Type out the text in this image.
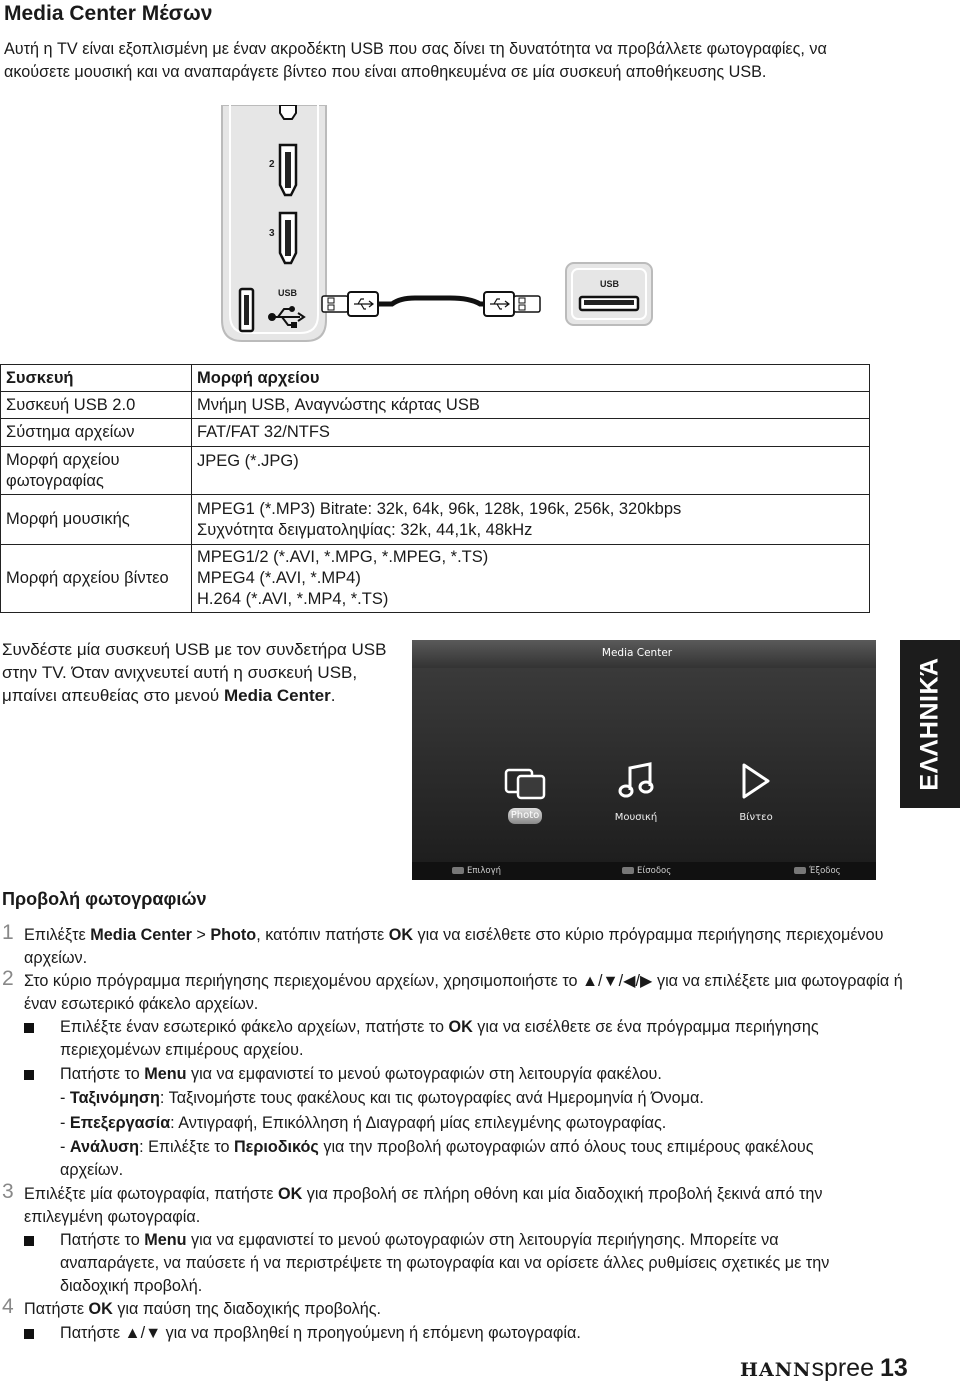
Media Center Μέσων
Αυτή η TV είναι εξοπλισμένη με έναν ακροδέκτη USB που σας δίνει τη δυνατότητα να προβάλλετε φωτογραφίες, να ακούσετε μουσική και να αναπαράγετε βίντεο που είναι αποθηκευμένα σε μία συσκευή αποθήκευσης USB.
2
3
USB
USB
Συσκευή	Μορφή αρχείου
Συσκευή USB 2.0	Μνήμη USB, Αναγνώστης κάρτας USB
Σύστημα αρχείων	FAT/FAT 32/NTFS
Μορφή αρχείου φωτογραφίας	JPEG (*.JPG)
Μορφή μουσικής	MPEG1 (*.MP3) Bitrate: 32k, 64k, 96k, 128k, 196k, 256k, 320kbps
Συχνότητα δειγματοληψίας: 32k, 44,1k, 48kHz

Μορφή αρχείου βίντεο	MPEG1/2 (*.AVI, *.MPG, *.MPEG, *.TS)
MPEG4 (*.AVI, *.MP4)
H.264 (*.AVI, *.MP4, *.TS)
Συνδέστε μία συσκευή USB με τον συνδετήρα USB στην TV. Όταν ανιχνευτεί αυτή η συσκευή USB, μπαίνει απευθείας στο μενού Media Center.
Media Center
Photo	Μουσική	Βίντεο
Επιλογή	Είσοδος	Έξοδος
ΕΛΛΗΝΙΚΆ
Προβολή φωτογραφιών
1 Επιλέξτε Media Center > Photo, κατόπιν πατήστε OK για να εισέλθετε στο κύριο πρόγραμμα περιήγησης περιεχομένου αρχείων.
2 Στο κύριο πρόγραμμα περιήγησης περιεχομένου αρχείων, χρησιμοποιήστε το ▲/▼/◀/▶ για να επιλέξετε μια φωτογραφία ή έναν εσωτερικό φάκελο αρχείων.
Επιλέξτε έναν εσωτερικό φάκελο αρχείων, πατήστε το OK για να εισέλθετε σε ένα πρόγραμμα περιήγησης περιεχομένων επιμέρους αρχείου.
Πατήστε το Menu για να εμφανιστεί το μενού φωτογραφιών στη λειτουργία φακέλου.
- Ταξινόμηση: Ταξινομήστε τους φακέλους και τις φωτογραφίες ανά Ημερομηνία ή Όνομα.
- Επεξεργασία: Αντιγραφή, Επικόλληση ή Διαγραφή μίας επιλεγμένης φωτογραφίας.
- Ανάλυση: Επιλέξτε το Περιοδικός για την προβολή φωτογραφιών από όλους τους επιμέρους φακέλους αρχείων.
3 Επιλέξτε μία φωτογραφία, πατήστε OK για προβολή σε πλήρη οθόνη και μία διαδοχική προβολή ξεκινά από την επιλεγμένη φωτογραφία.
Πατήστε το Menu για να εμφανιστεί το μενού φωτογραφιών στη λειτουργία περιήγησης. Μπορείτε να αναπαράγετε, να παύσετε ή να περιστρέψετε τη φωτογραφία και να ορίσετε άλλες ρυθμίσεις σχετικές με την διαδοχική προβολή.
4 Πατήστε OK για παύση της διαδοχικής προβολής.
Πατήστε ▲/▼ για να προβληθεί η προηγούμενη ή επόμενη φωτογραφία.
HANNspree 13
